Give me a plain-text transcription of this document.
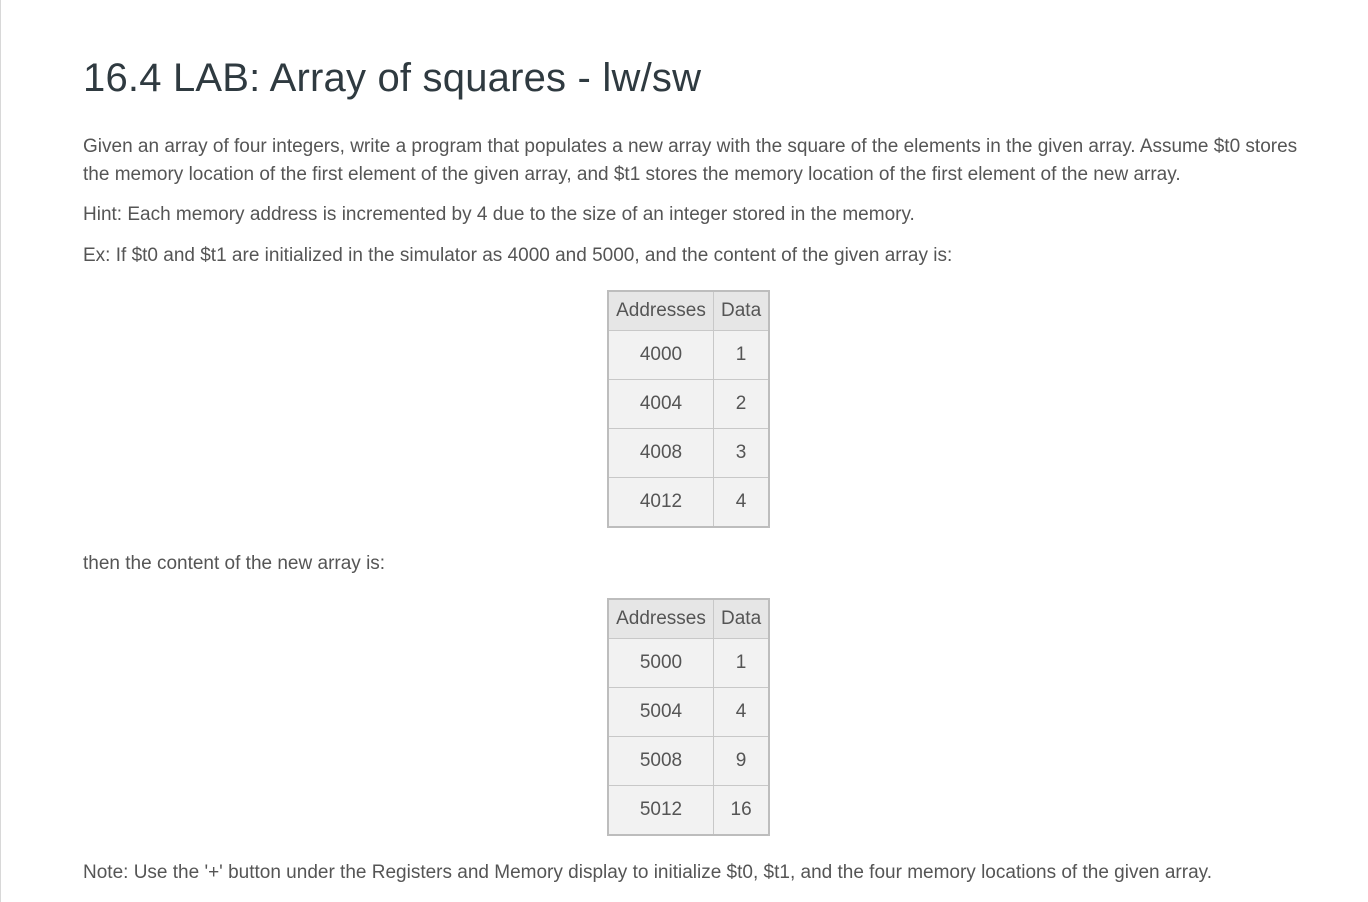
16.4 LAB: Array of squares - lw/sw

Given an array of four integers, write a program that populates a new array with the square of the elements in the given array. Assume $t0 stores the memory location of the first element of the given array, and $t1 stores the memory location of the first element of the new array.

Hint: Each memory address is incremented by 4 due to the size of an integer stored in the memory.

Ex: If $t0 and $t1 are initialized in the simulator as 4000 and 5000, and the content of the given array is:

Addresses	Data
4000	1
4004	2
4008	3
4012	4

then the content of the new array is:

Addresses	Data
5000	1
5004	4
5008	9
5012	16

Note: Use the '+' button under the Registers and Memory display to initialize $t0, $t1, and the four memory locations of the given array.
